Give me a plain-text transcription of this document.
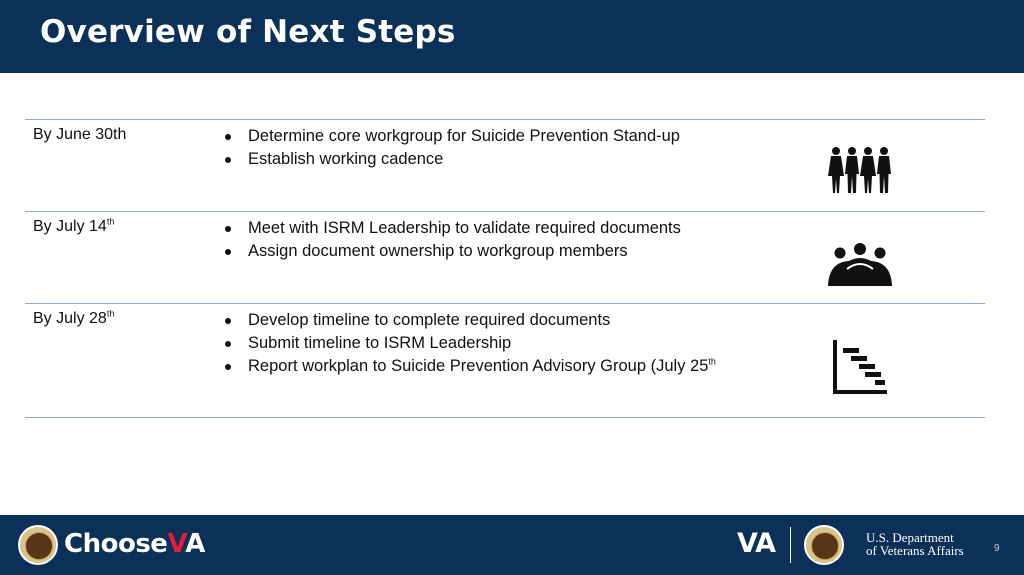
Overview of Next Steps
By June 30th	Determine core workgroup for Suicide Prevention Stand-up
Establish working cadence
By July 14th	Meet with ISRM Leadership to validate required documents
Assign document ownership to workgroup members
By July 28th	Develop timeline to complete required documents
Submit timeline to ISRM Leadership
Report workplan to Suicide Prevention Advisory Group (July 25th
ChooseVA	VA	U.S. Department
of Veterans Affairs	9
